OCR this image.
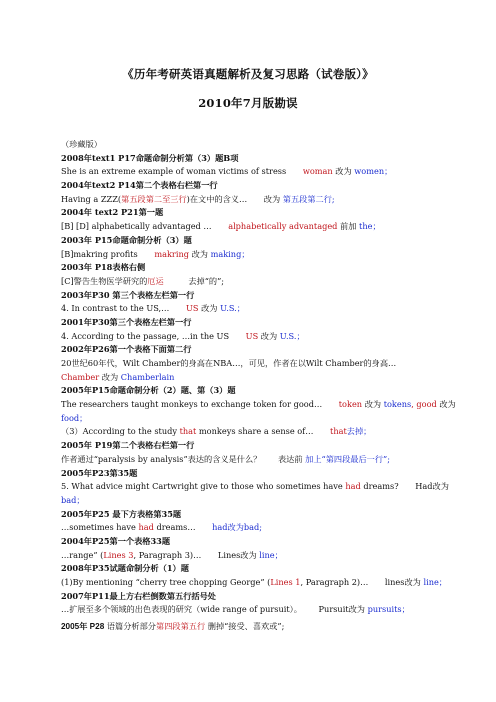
《历年考研英语真题解析及复习思路（试卷版）》
2010年7月版勘误
（珍藏版）
2008年text1 P17命题命制分析第（3）题B项
She is an extreme example of woman victims of stress woman 改为 women；
2004年text2 P14第二个表格右栏第一行
Having a ZZZ(第五段第二至三行)在文中的含义… 改为 第五段第二行;
2004年 text2 P21第一题
[B] [D] alphabetically advantaged … alphabetically advantaged 前加 the；
2003年 P15命题命制分析（3）题
[B]makring profits makring 改为 making；
2003年 P18表格右侧
[C]警告生物医学研究的厄运	去掉“的”;
2003年P30 第三个表格左栏第一行
4. In contrast to the US,… US 改为 U.S.；
2001年P30第三个表格左栏第一行
4. According to the passage, …in the US US 改为 U.S.；
2002年P26第一个表格下面第二行
20世纪60年代，Wilt Chamber的身高在NBA…，可见，作者在以Wilt Chamber的身高…
Chamber 改为 Chamberlain
2005年P15命题命制分析（2）题、第（3）题
The researchers taught monkeys to exchange token for good… token 改为 tokens, good 改为
food；
（3）According to the study that monkeys share a sense of… that去掉；
2005年 P19第二个表格右栏第一行
作者通过“paralysis by analysis”表达的含义是什么？ 表达前 加上“第四段最后一行”;
2005年P23第35题
5. What advice might Cartwright give to those who sometimes have had dreams? Had改为
bad；
2005年P25 最下方表格第35题
…sometimes have had dreams… had改为bad;
2004年P25第一个表格33题
…range” (Lines 3, Paragraph 3)… Lines改为 line；
2008年P35试题命制分析（1）题
(1)By mentioning “cherry tree chopping George” (Lines 1, Paragraph 2)… lines改为 line；
2007年P11最上方右栏倒数第五行括号处
…扩展至多个领域的出色表现的研究（wide range of pursuit）。 Pursuit改为 pursuits；
2005年 P28 语篇分析部分第四段第五行 删掉“接受、喜欢或”;
